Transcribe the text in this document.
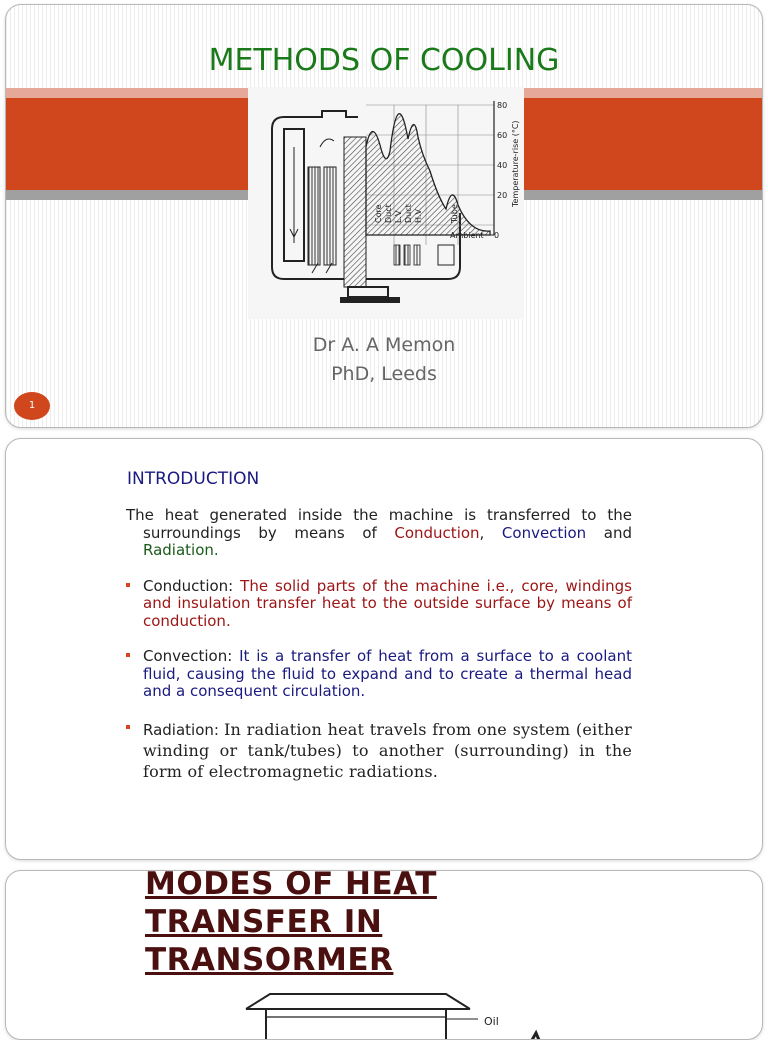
METHODS OF COOLING
80
60
40
20
0
Ambient
Temperature-rise (°C)
Core Duct L.V Duct H.V	Tube
Dr A. A Memon
PhD, Leeds
1
INTRODUCTION

The heat generated inside the machine is transferred to the surroundings by means of Conduction, Convection and Radiation.

Conduction: The solid parts of the machine i.e., core, windings and insulation transfer heat to the outside surface by means of conduction.

Convection: It is a transfer of heat from a surface to a coolant fluid, causing the fluid to expand and to create a thermal head and a consequent circulation.

Radiation: In radiation heat travels from one system (either winding or tank/tubes) to another (surrounding) in the form of electromagnetic radiations.

MODES OF HEAT
TRANSFER IN
TRANSORMER
Oil
